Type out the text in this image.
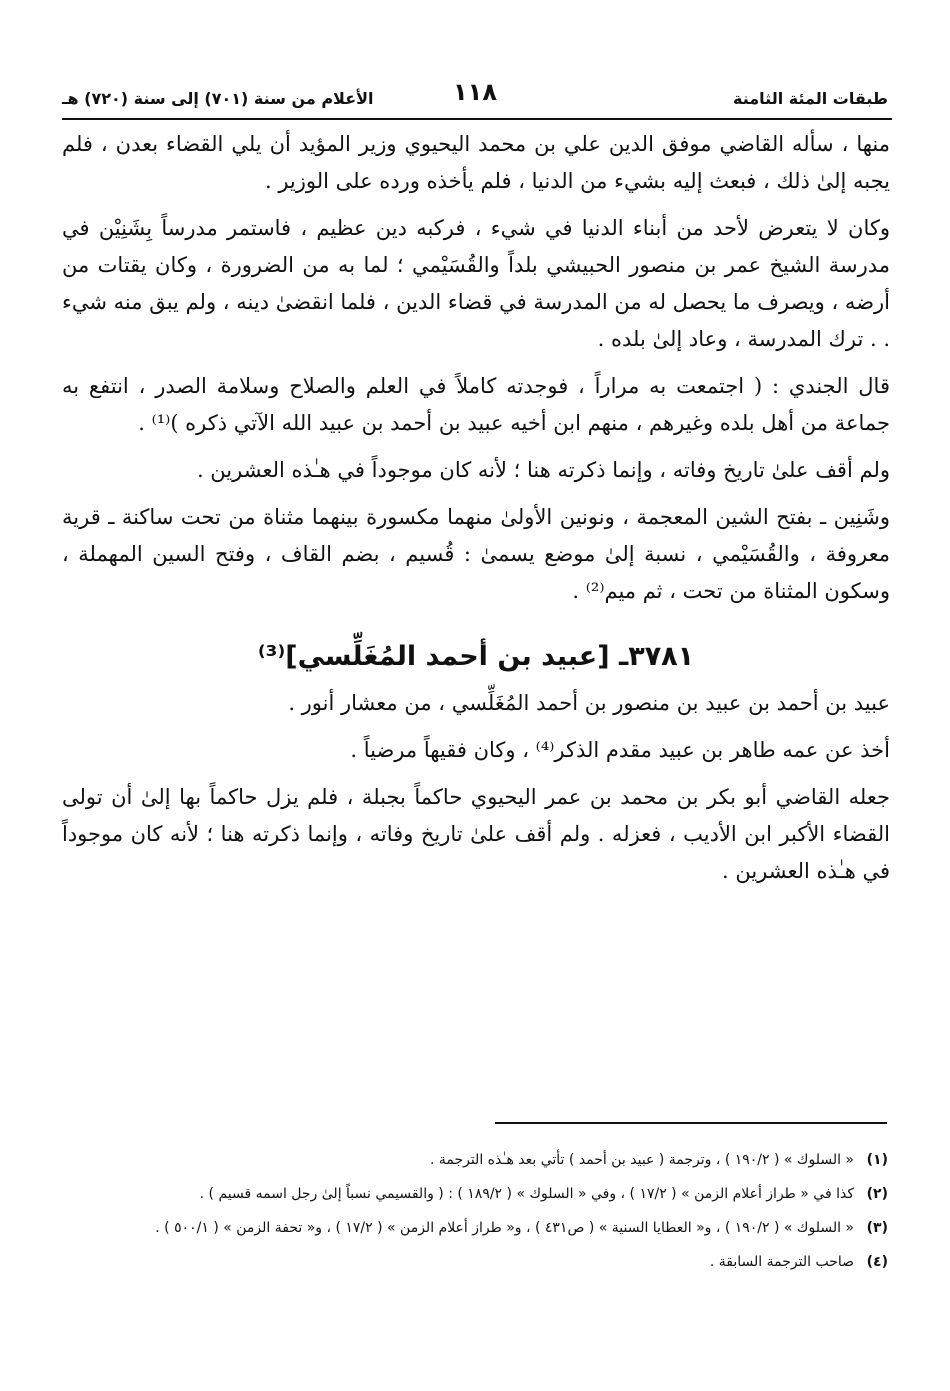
طبقات المئة الثامنة
١١٨
الأعلام من سنة (٧٠١) إلى سنة (٧٢٠) هـ

منها ، سأله القاضي موفق الدين علي بن محمد اليحيوي وزير المؤيد أن يلي القضاء بعدن ، فلم يجبه إلىٰ ذلك ، فبعث إليه بشيء من الدنيا ، فلم يأخذه ورده على الوزير .

وكان لا يتعرض لأحد من أبناء الدنيا في شيء ، فركبه دين عظيم ، فاستمر مدرساً بِشَنِيْن في مدرسة الشيخ عمر بن منصور الحبيشي بلداً والقُسَيْمي ؛ لما به من الضرورة ، وكان يقتات من أرضه ، ويصرف ما يحصل له من المدرسة في قضاء الدين ، فلما انقضىٰ دينه ، ولم يبق منه شيء . . ترك المدرسة ، وعاد إلىٰ بلده .

قال الجندي : ( اجتمعت به مراراً ، فوجدته كاملاً في العلم والصلاح وسلامة الصدر ، انتفع به جماعة من أهل بلده وغيرهم ، منهم ابن أخيه عبيد بن أحمد بن عبيد الله الآتي ذكره )⁽¹⁾ .

ولم أقف علىٰ تاريخ وفاته ، وإنما ذكرته هنا ؛ لأنه كان موجوداً في هـٰذه العشرين .

وشَنِين ـ بفتح الشين المعجمة ، ونونين الأولىٰ منهما مكسورة بينهما مثناة من تحت ساكنة ـ قرية معروفة ، والقُسَيْمي ، نسبة إلىٰ موضع يسمىٰ : قُسيم ، بضم القاف ، وفتح السين المهملة ، وسكون المثناة من تحت ، ثم ميم⁽²⁾ .

٣٧٨١ـ [عبيد بن أحمد المُغَلِّسي]⁽³⁾

عبيد بن أحمد بن عبيد بن منصور بن أحمد المُغَلِّسي ، من معشار أنور .

أخذ عن عمه طاهر بن عبيد مقدم الذكر⁽⁴⁾ ، وكان فقيهاً مرضياً .

جعله القاضي أبو بكر بن محمد بن عمر اليحيوي حاكماً بجبلة ، فلم يزل حاكماً بها إلىٰ أن تولى القضاء الأكبر ابن الأديب ، فعزله . ولم أقف علىٰ تاريخ وفاته ، وإنما ذكرته هنا ؛ لأنه كان موجوداً في هـٰذه العشرين .

(١)
« السلوك » ( ١٩٠/٢ ) ، وترجمة ( عبيد بن أحمد ) تأتي بعد هـٰذه الترجمة .
(٢)
كذا في « طراز أعلام الزمن » ( ١٧/٢ ) ، وفي « السلوك » ( ١٨٩/٢ ) : ( والقسيمي نسباً إلىٰ رجل اسمه قسيم ) .
(٣)
« السلوك » ( ١٩٠/٢ ) ، و« العطايا السنية » ( ص٤٣١ ) ، و« طراز أعلام الزمن » ( ١٧/٢ ) ، و« تحفة الزمن » ( ٥٠٠/١ ) .
(٤)
صاحب الترجمة السابقة .
